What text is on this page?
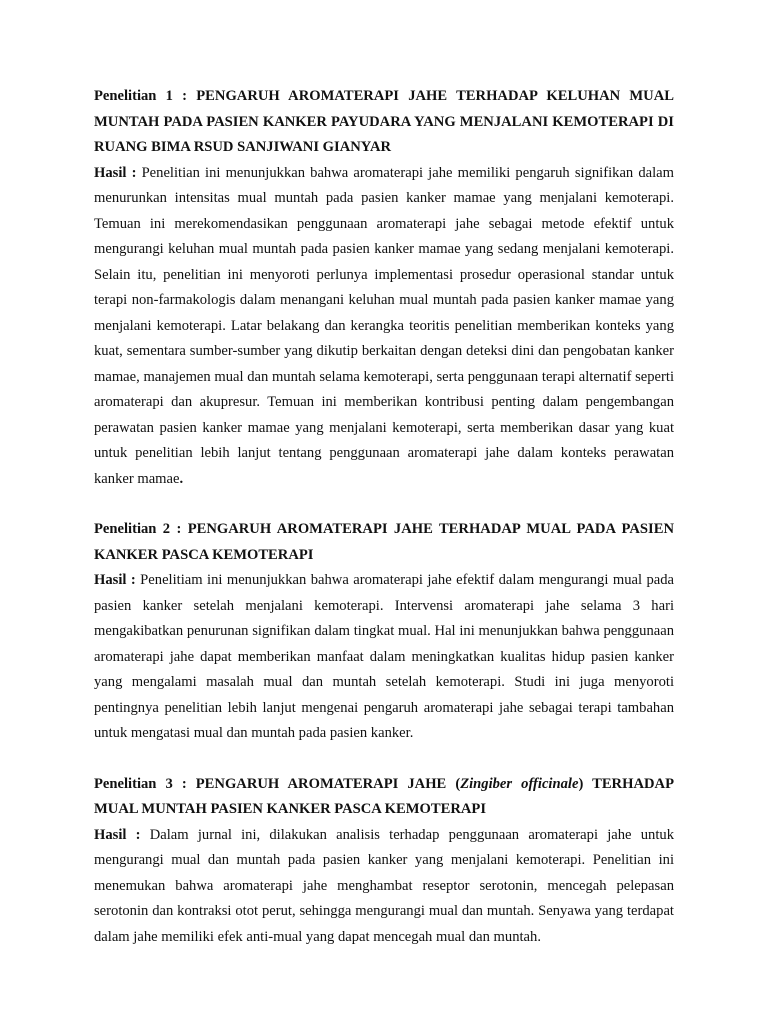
Penelitian 1 : PENGARUH AROMATERAPI JAHE TERHADAP KELUHAN MUAL MUNTAH PADA PASIEN KANKER PAYUDARA YANG MENJALANI KEMOTERAPI DI RUANG BIMA RSUD SANJIWANI GIANYAR

Hasil : Penelitian ini menunjukkan bahwa aromaterapi jahe memiliki pengaruh signifikan dalam menurunkan intensitas mual muntah pada pasien kanker mamae yang menjalani kemoterapi. Temuan ini merekomendasikan penggunaan aromaterapi jahe sebagai metode efektif untuk mengurangi keluhan mual muntah pada pasien kanker mamae yang sedang menjalani kemoterapi. Selain itu, penelitian ini menyoroti perlunya implementasi prosedur operasional standar untuk terapi non-farmakologis dalam menangani keluhan mual muntah pada pasien kanker mamae yang menjalani kemoterapi. Latar belakang dan kerangka teoritis penelitian memberikan konteks yang kuat, sementara sumber-sumber yang dikutip berkaitan dengan deteksi dini dan pengobatan kanker mamae, manajemen mual dan muntah selama kemoterapi, serta penggunaan terapi alternatif seperti aromaterapi dan akupresur. Temuan ini memberikan kontribusi penting dalam pengembangan perawatan pasien kanker mamae yang menjalani kemoterapi, serta memberikan dasar yang kuat untuk penelitian lebih lanjut tentang penggunaan aromaterapi jahe dalam konteks perawatan kanker mamae.

Penelitian 2 : PENGARUH AROMATERAPI JAHE TERHADAP MUAL PADA PASIEN KANKER PASCA KEMOTERAPI

Hasil : Penelitiam ini menunjukkan bahwa aromaterapi jahe efektif dalam mengurangi mual pada pasien kanker setelah menjalani kemoterapi. Intervensi aromaterapi jahe selama 3 hari mengakibatkan penurunan signifikan dalam tingkat mual. Hal ini menunjukkan bahwa penggunaan aromaterapi jahe dapat memberikan manfaat dalam meningkatkan kualitas hidup pasien kanker yang mengalami masalah mual dan muntah setelah kemoterapi. Studi ini juga menyoroti pentingnya penelitian lebih lanjut mengenai pengaruh aromaterapi jahe sebagai terapi tambahan untuk mengatasi mual dan muntah pada pasien kanker.

Penelitian 3 : PENGARUH AROMATERAPI JAHE (Zingiber officinale) TERHADAP MUAL MUNTAH PASIEN KANKER PASCA KEMOTERAPI

Hasil : Dalam jurnal ini, dilakukan analisis terhadap penggunaan aromaterapi jahe untuk mengurangi mual dan muntah pada pasien kanker yang menjalani kemoterapi. Penelitian ini menemukan bahwa aromaterapi jahe menghambat reseptor serotonin, mencegah pelepasan serotonin dan kontraksi otot perut, sehingga mengurangi mual dan muntah. Senyawa yang terdapat dalam jahe memiliki efek anti-mual yang dapat mencegah mual dan muntah.
